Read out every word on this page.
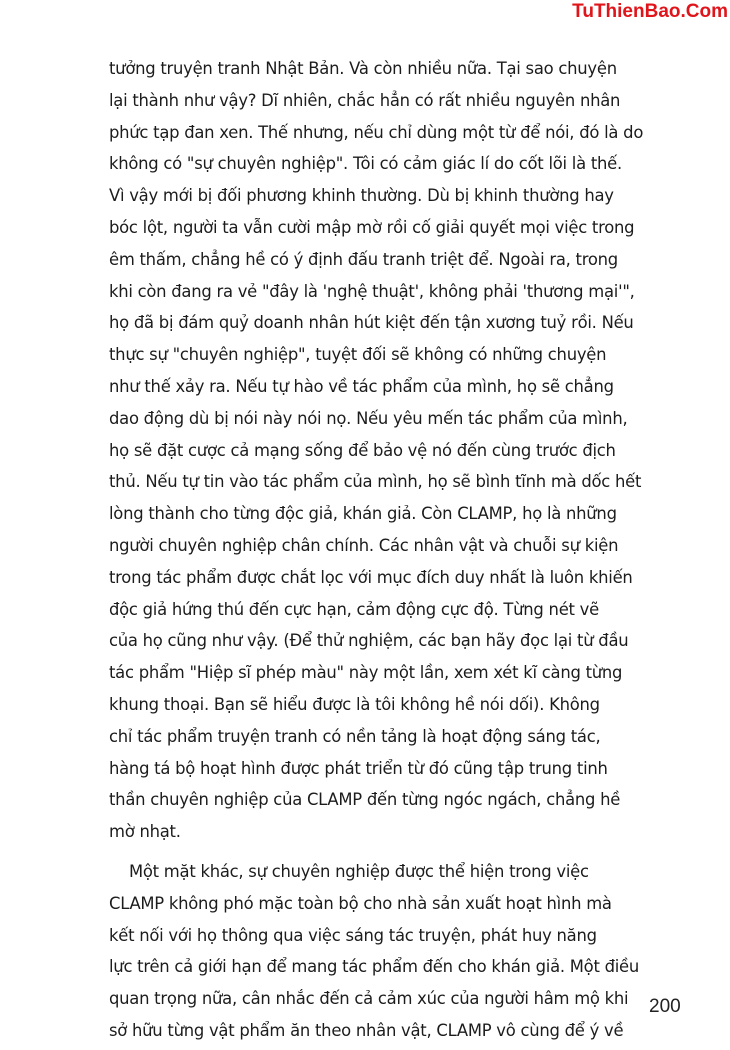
TuThienBao.Com
tưởng truyện tranh Nhật Bản. Và còn nhiều nữa. Tại sao chuyện
lại thành như vậy? Dĩ nhiên, chắc hẳn có rất nhiều nguyên nhân
phức tạp đan xen. Thế nhưng, nếu chỉ dùng một từ để nói, đó là do
không có "sự chuyên nghiệp". Tôi có cảm giác lí do cốt lõi là thế.
Vì vậy mới bị đối phương khinh thường. Dù bị khinh thường hay
bóc lột, người ta vẫn cười mập mờ rồi cố giải quyết mọi việc trong
êm thấm, chẳng hề có ý định đấu tranh triệt để. Ngoài ra, trong
khi còn đang ra vẻ "đây là 'nghệ thuật', không phải 'thương mại'",
họ đã bị đám quỷ doanh nhân hút kiệt đến tận xương tuỷ rồi. Nếu
thực sự "chuyên nghiệp", tuyệt đối sẽ không có những chuyện
như thế xảy ra. Nếu tự hào về tác phẩm của mình, họ sẽ chẳng
dao động dù bị nói này nói nọ. Nếu yêu mến tác phẩm của mình,
họ sẽ đặt cược cả mạng sống để bảo vệ nó đến cùng trước địch
thủ. Nếu tự tin vào tác phẩm của mình, họ sẽ bình tĩnh mà dốc hết
lòng thành cho từng độc giả, khán giả. Còn CLAMP, họ là những
người chuyên nghiệp chân chính. Các nhân vật và chuỗi sự kiện
trong tác phẩm được chắt lọc với mục đích duy nhất là luôn khiến
độc giả hứng thú đến cực hạn, cảm động cực độ. Từng nét vẽ
của họ cũng như vậy. (Để thử nghiệm, các bạn hãy đọc lại từ đầu
tác phẩm "Hiệp sĩ phép màu" này một lần, xem xét kĩ càng từng
khung thoại. Bạn sẽ hiểu được là tôi không hề nói dối). Không
chỉ tác phẩm truyện tranh có nền tảng là hoạt động sáng tác,
hàng tá bộ hoạt hình được phát triển từ đó cũng tập trung tinh
thần chuyên nghiệp của CLAMP đến từng ngóc ngách, chẳng hề
mờ nhạt.
Một mặt khác, sự chuyên nghiệp được thể hiện trong việc
CLAMP không phó mặc toàn bộ cho nhà sản xuất hoạt hình mà
kết nối với họ thông qua việc sáng tác truyện, phát huy năng
lực trên cả giới hạn để mang tác phẩm đến cho khán giả. Một điều
quan trọng nữa, cân nhắc đến cả cảm xúc của người hâm mộ khi
sở hữu từng vật phẩm ăn theo nhân vật, CLAMP vô cùng để ý về
200
